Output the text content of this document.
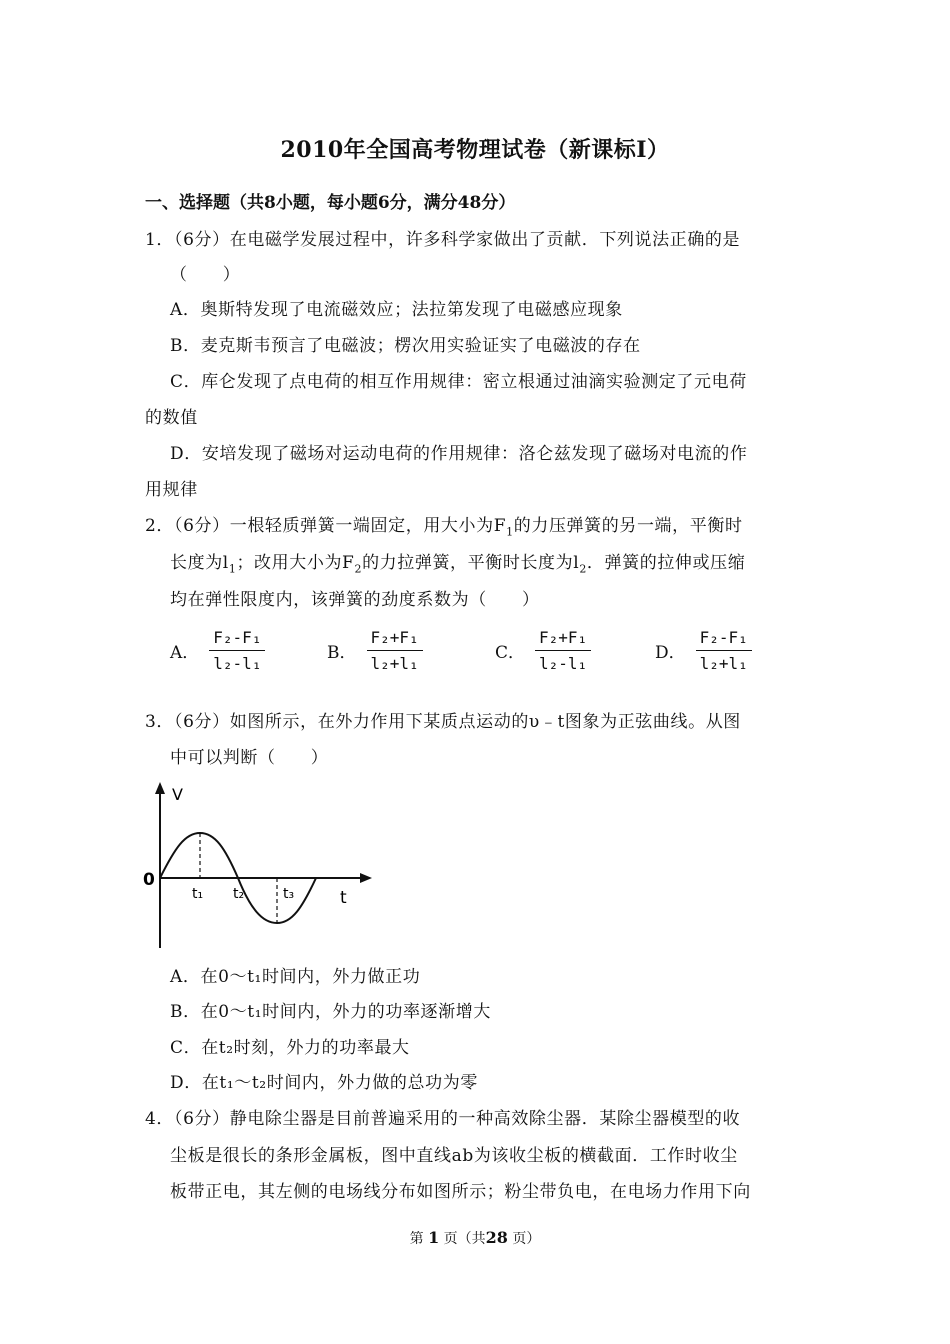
2010年全国高考物理试卷（新课标Ⅰ）
一、选择题（共8小题，每小题6分，满分48分）
1．（6分）在电磁学发展过程中，许多科学家做出了贡献．下列说法正确的是
（　　）
A．奥斯特发现了电流磁效应；法拉第发现了电磁感应现象
B．麦克斯韦预言了电磁波；楞次用实验证实了电磁波的存在
C．库仑发现了点电荷的相互作用规律：密立根通过油滴实验测定了元电荷
的数值
D．安培发现了磁场对运动电荷的作用规律：洛仑兹发现了磁场对电流的作
用规律
2．（6分）一根轻质弹簧一端固定，用大小为$F_1$的力压弹簧的另一端，平衡时
长度为$l_1$；改用大小为$F_2$的力拉弹簧，平衡时长度为$l_2$．弹簧的拉伸或压缩
均在弹性限度内，该弹簧的劲度系数为（　　）
A． $\frac{\text{F₂-F₁}}{\text{l₂-l₁}}$	B． $\frac{\text{F₂+F₁}}{\text{l₂+l₁}}$	C． $\frac{\text{F₂+F₁}}{\text{l₂-l₁}}$	D． $\frac{\text{F₂-F₁}}{\text{l₂+l₁}}$
3．（6分）如图所示，在外力作用下某质点运动的υ﹣t图象为正弦曲线。从图
中可以判断（　　）
V
0
t₁ t₂	t₃	t
A．在0～t₁时间内，外力做正功
B．在0～t₁时间内，外力的功率逐渐增大
C．在t₂时刻，外力的功率最大
D．在t₁～t₂时间内，外力做的总功为零
4．（6分）静电除尘器是目前普遍采用的一种高效除尘器．某除尘器模型的收
尘板是很长的条形金属板，图中直线ab为该收尘板的横截面．工作时收尘
板带正电，其左侧的电场线分布如图所示；粉尘带负电，在电场力作用下向
第 1 页（共28 页）
